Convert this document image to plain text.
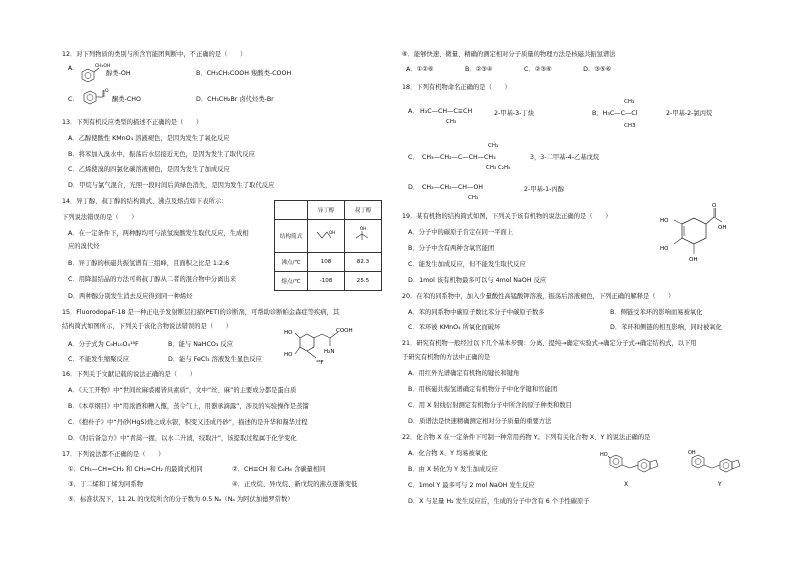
12．对下列物质的类别与所含官能团判断中，不正确的是（　　）
A．	CH₂OH
醇类-OH	B．CH₃CH₂COOH 羧酸类-COOH
C．
O
酮类-CHO	D．CH₃CH₂Br 卤代烃类-Br
13．下列有机反应类型的描述不正确的是（　　）
A．乙醇使酸性 KMnO₄ 溶液褪色，是因为发生了氧化反应
B．将苯加入溴水中，振荡后水层接近无色，是因为发生了取代反应
C．乙烯使溴的四氯化碳溶液褪色，是因为发生了加成反应
D．甲烷与氯气混合，光照一段时间后黄绿色消失，是因为发生了取代反应
14．异丁醇、叔丁醇的结构简式、沸点及熔点如下表所示：
下列说法错误的是（　　）
A．在一定条件下，两种醇均可与浓氢溴酸发生取代反应，生成相
应的溴代烃
B．异丁醇的核磁共振氢谱有三组峰，且面积之比是 1:2:6
C．用降温结晶的方法可将叔丁醇从二者的混合物中分离出来
D．两种醇分别发生消去反应得到同一种烯烃
	异丁醇	叔丁醇
结构简式	OH	OH

沸点/℃	108	82.3
熔点/℃	-108	25.5
15．FluorodopaF-18 是一种正电子发射断层扫描(PET)的诊断剂，可帮助诊断帕金森症等疾病，其
结构简式如图所示，下列关于该化合物说法错误的是（　　）
A．分子式为 C₉H₁₀O₄¹⁸F	B．能与 NaHCO₃ 反应
C．不能发生缩聚反应	D．能与 FeCl₃ 溶液发生显色反应
HO
HO
COOH
H₂N
¹⁸F
16．下列关于文献记载的说法正确的是（　　）
A．《天工开物》中“世间丝麻裘褐皆具素质”，文中“丝、麻”的主要成分都是蛋白质
B．《本草纲目》中“用浓酒和糟入甑，蒸令气上，用器承滴露”，涉及的实验操作是蒸馏
C．《抱朴子》中“丹砂(HgS)烧之成水银，积变又还成丹砂”，描述的是升华和凝华过程
D．《肘后备急方》中“青蒿一握，以水二升渍，绞取汁”，该提取过程属于化学变化
17．下列说法都不正确的是（　　）
①．CH₃—CH=CH₂ 和 CH₂=CH₂ 的最简式相同	②．CH≡CH 和 C₆H₆ 含碳量相同
③．丁二烯和丁烯为同系物	④．正戊烷、异戊烷、新戊烷的沸点逐渐变低
⑤．标准状况下，11.2L 的戊烷所含的分子数为 0.5 Nₐ（Nₐ 为阿伏加德罗常数）
⑥．能够快速、微量、精确的测定相对分子质量的物理方法是核磁共振氢谱法
A．①②⑥　　　　　B．②③④　　　　　C．②③⑥　　　　　D．③⑤⑥
18．下列有机物命名正确的是（　　）
A． H₃C—CH—C≡CH
CH₃
2-甲基-3-丁炔
CH₃
B．H₃C—C—Cl
CH3
2-甲基-2-氯丙烷
CH₃
C． CH₃—CH₂—C—CH—CH₃
CH₃ C₂H₅
3，3-二甲基-4-乙基戊烷
D． CH₃—CH₂—CH—OH
CH₃
2-甲基-1-丙醇
19．某有机物的结构简式如图，下列关于该有机物的说法正确的是（　　）
A．分子中的碳原子肯定在同一平面上
B．分子中含有两种含氧官能团
C．能发生加成反应，但不能发生取代反应
D．1mol 该有机物最多可以与 4mol NaOH 反应
O
OH
HO
HO
OH
20．在苯的同系物中，加入少量酸性高锰酸钾溶液，振荡后溶液褪色，下列正确的解释是（　　）
A．苯的同系物中碳原子数比苯分子中碳原子数多	B．侧链受苯环的影响而易被氧化
C．苯环被 KMnO₄ 所氧化而破坏	D．苯环和侧链的相互影响，同时被氧化
21．研究有机物一般经过以下几个基本步骤：分离、提纯→确定实验式→确定分子式→确定结构式，以下用
于研究有机物的方法中正确的是
A．用红外光谱确定有机物的键长和键角
B．用核磁共振氢谱确定有机物分子中化学键和官能团
C．用 X 射线衍射测定有机物分子中所含的原子种类和数目
D．质谱法是快速精确测定相对分子质量的重要方法
22．化合物 X 在一定条件下可制一种常用药物 Y。下列有关化合物 X、Y 的说法正确的是
A．化合物 X、Y 均易被氧化
B．由 X 转化为 Y 发生加成反应
C．1mol Y 最多可与 2 mol NaOH 发生反应
D．X 与足量 H₂ 发生反应后，生成的分子中含有 6 个手性碳原子
HO
X
OH
Y
